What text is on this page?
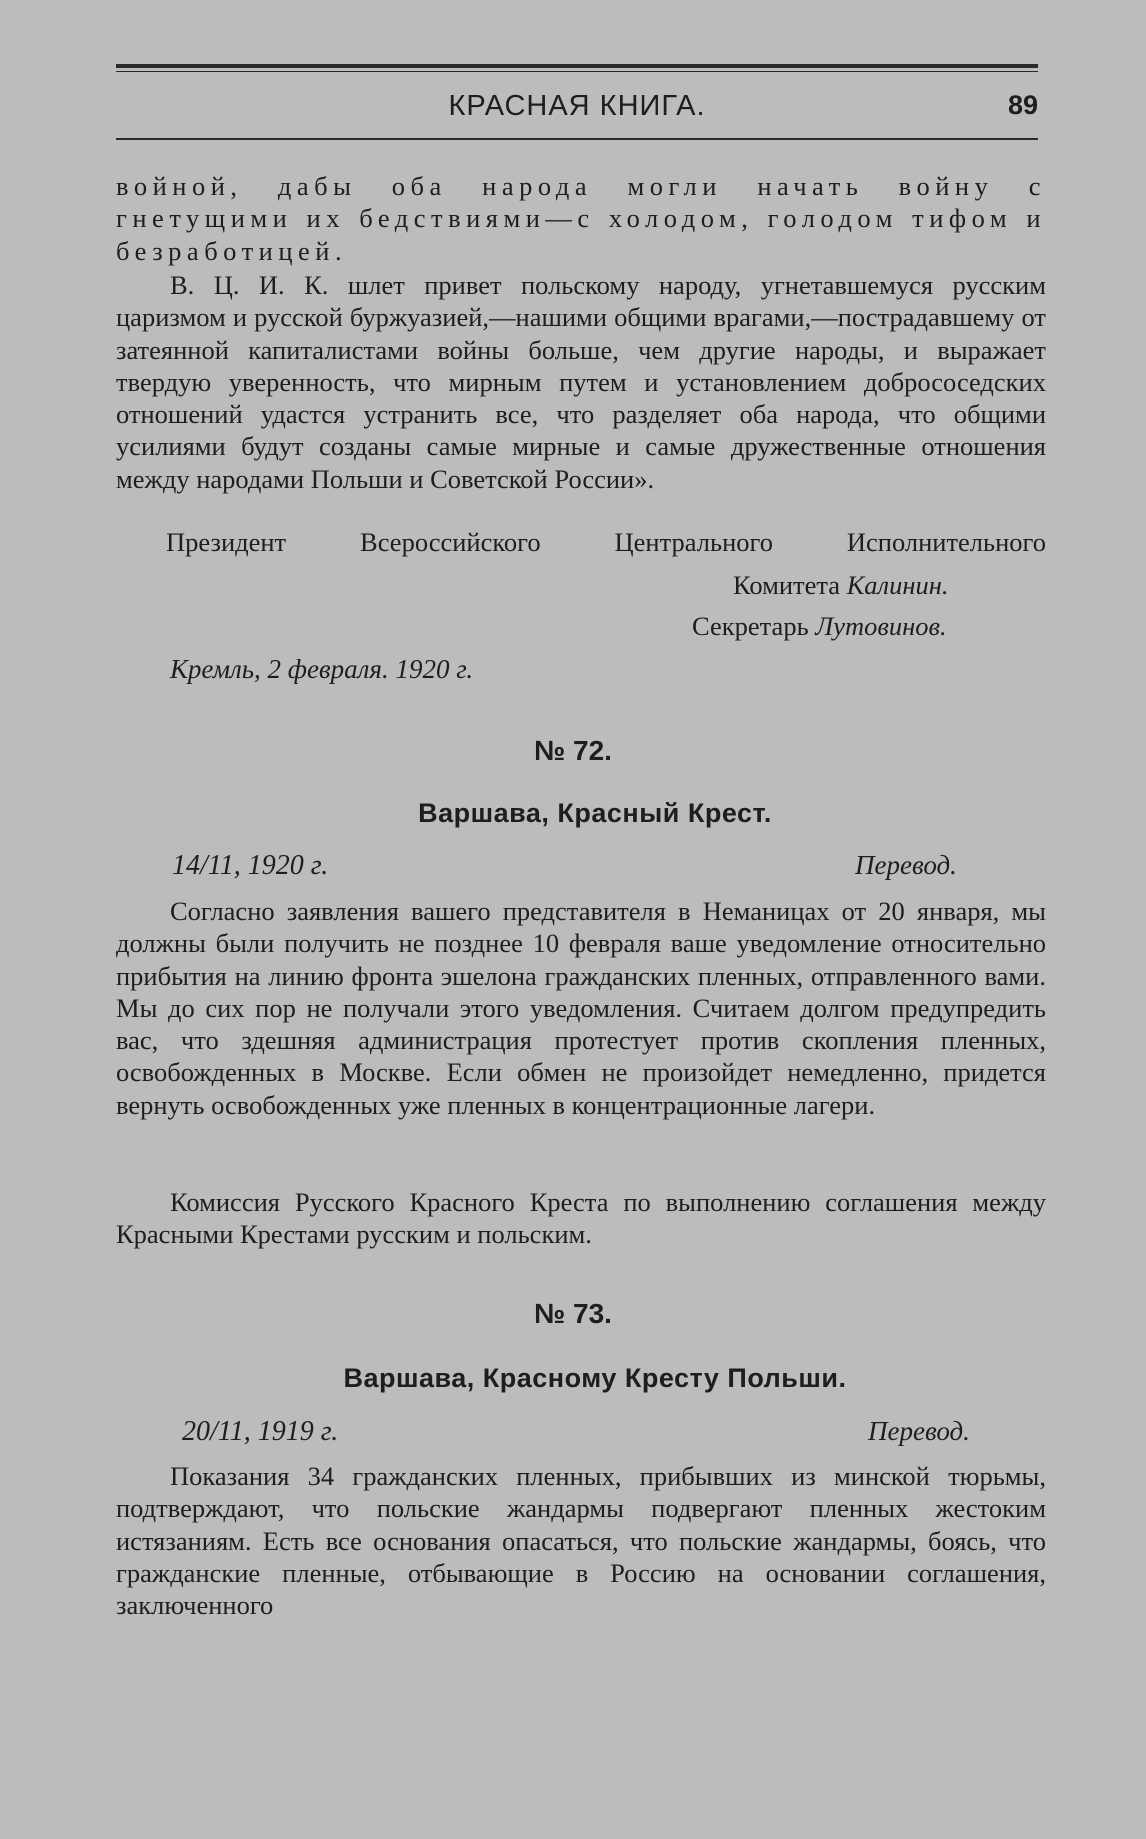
КРАСНАЯ КНИГА.	89
войной, дабы оба народа могли начать войну с гнетущими их бедствиями—с холодом, голодом тифом и безработицей.
В. Ц. И. К. шлет привет польскому народу, угнетавшемуся русским царизмом и русской буржуазией,—нашими общими врагами,—пострадавшему от затеянной капиталистами войны больше, чем другие народы, и выражает твердую уверенность, что мирным путем и установлением добрососедских отношений удастся устранить все, что разделяет оба народа, что общими усилиями будут созданы самые мирные и самые дружественные отношения между народами Польши и Советской России».
Президент Всероссийского Центрального Исполнительного
Комитета Калинин.
Секретарь Лутовинов.
Кремль, 2 февраля. 1920 г.
№ 72.
Варшава, Красный Крест.
14/11, 1920 г.	Перевод.
Согласно заявления вашего представителя в Неманицах от 20 января, мы должны были получить не позднее 10 февраля ваше уведомление относительно прибытия на линию фронта эшелона гражданских пленных, отправленного вами. Мы до сих пор не получали этого уведомления. Считаем долгом предупредить вас, что здешняя администрация протестует против скопления пленных, освобожденных в Москве. Если обмен не произойдет немедленно, придется вернуть освобожденных уже пленных в концентрационные лагери.
Комиссия Русского Красного Креста по выполнению соглашения между Красными Крестами русским и польским.
№ 73.
Варшава, Красному Кресту Польши.
20/11, 1919 г.	Перевод.
Показания 34 гражданских пленных, прибывших из минской тюрьмы, подтверждают, что польские жандармы подвергают пленных жестоким истязаниям. Есть все основания опасаться, что польские жандармы, боясь, что гражданские пленные, отбывающие в Россию на основании соглашения, заключенного
